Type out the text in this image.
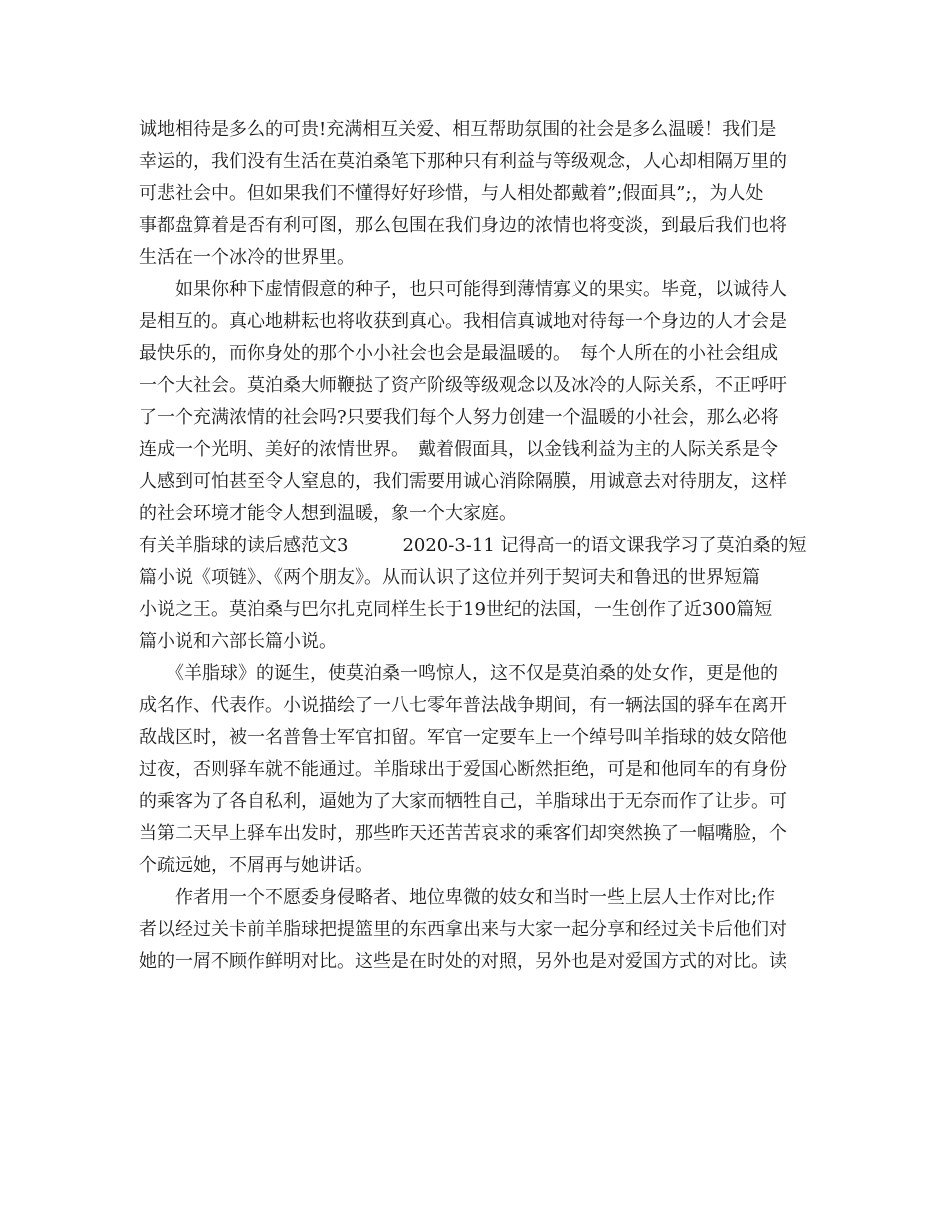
诚地相待是多么的可贵!充满相互关爱、相互帮助氛围的社会是多么温暖！我们是
幸运的，我们没有生活在莫泊桑笔下那种只有利益与等级观念，人心却相隔万里的
可悲社会中。但如果我们不懂得好好珍惜，与人相处都戴着”;假面具”;，为人处
事都盘算着是否有利可图，那么包围在我们身边的浓情也将变淡，到最后我们也将
生活在一个冰冷的世界里。
　　如果你种下虚情假意的种子，也只可能得到薄情寡义的果实。毕竟，以诚待人
是相互的。真心地耕耘也将收获到真心。我相信真诚地对待每一个身边的人才会是
最快乐的，而你身处的那个小小社会也会是最温暖的。　每个人所在的小社会组成
一个大社会。莫泊桑大师鞭挞了资产阶级等级观念以及冰冷的人际关系，不正呼吁
了一个充满浓情的社会吗?只要我们每个人努力创建一个温暖的小社会，那么必将
连成一个光明、美好的浓情世界。　戴着假面具，以金钱利益为主的人际关系是令
人感到可怕甚至令人窒息的，我们需要用诚心消除隔膜，用诚意去对待朋友，这样
的社会环境才能令人想到温暖，象一个大家庭。
有关羊脂球的读后感范文3　　　2020-3-11 记得高一的语文课我学习了莫泊桑的短
篇小说《项链》、《两个朋友》。从而认识了这位并列于契诃夫和鲁迅的世界短篇
小说之王。莫泊桑与巴尔扎克同样生长于19世纪的法国，一生创作了近300篇短
篇小说和六部长篇小说。
　　《羊脂球》的诞生，使莫泊桑一鸣惊人，这不仅是莫泊桑的处女作，更是他的
成名作、代表作。小说描绘了一八七零年普法战争期间，有一辆法国的驿车在离开
敌战区时，被一名普鲁士军官扣留。军官一定要车上一个绰号叫羊指球的妓女陪他
过夜，否则驿车就不能通过。羊脂球出于爱国心断然拒绝，可是和他同车的有身份
的乘客为了各自私利，逼她为了大家而牺牲自己，羊脂球出于无奈而作了让步。可
当第二天早上驿车出发时，那些昨天还苦苦哀求的乘客们却突然换了一幅嘴脸，个
个疏远她，不屑再与她讲话。
　　作者用一个不愿委身侵略者、地位卑微的妓女和当时一些上层人士作对比;作
者以经过关卡前羊脂球把提篮里的东西拿出来与大家一起分享和经过关卡后他们对
她的一屑不顾作鲜明对比。这些是在时处的对照，另外也是对爱国方式的对比。读
